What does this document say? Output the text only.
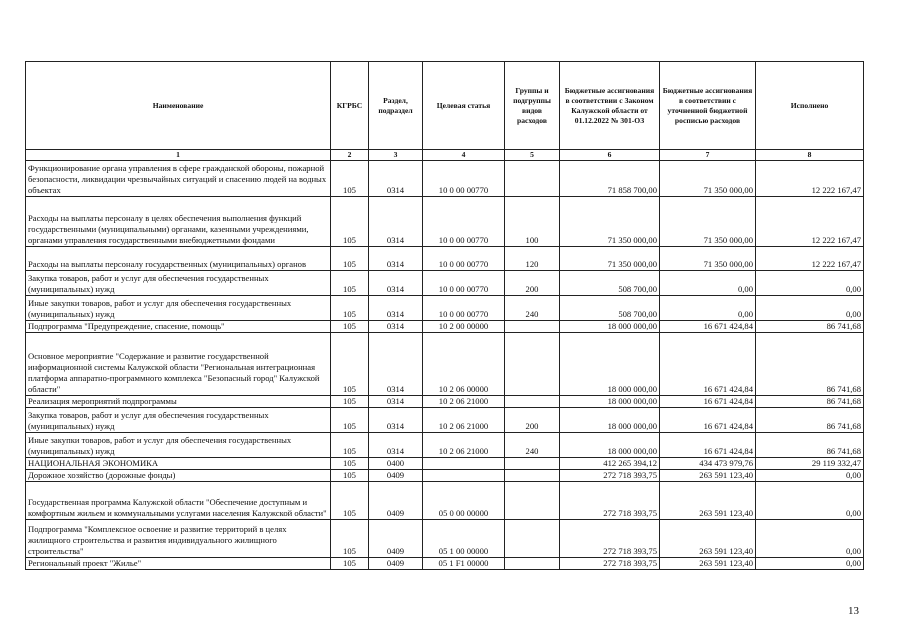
Наименование	КГРБС	Раздел, подраздел	Целевая статья	Группы и подгруппы видов расходов	Бюджетные ассигнования в соответствии с Законом Калужской области от 01.12.2022 № 301-ОЗ	Бюджетные ассигнования в соответствии с уточненной бюджетной росписью расходов	Исполнено
1	2	3	4	5	6	7	8
Функционирование органа управления в сфере гражданской обороны, пожарной безопасности, ликвидации чрезвычайных ситуаций и спасению людей на водных объектах	105	0314	10 0 00 00770		71 858 700,00	71 350 000,00	12 222 167,47
Расходы на выплаты персоналу в целях обеспечения выполнения функций государственными (муниципальными) органами, казенными учреждениями, органами управления государственными внебюджетными фондами	105	0314	10 0 00 00770	100	71 350 000,00	71 350 000,00	12 222 167,47
Расходы на выплаты персоналу государственных (муниципальных) органов	105	0314	10 0 00 00770	120	71 350 000,00	71 350 000,00	12 222 167,47
Закупка товаров, работ и услуг для обеспечения государственных (муниципальных) нужд	105	0314	10 0 00 00770	200	508 700,00	0,00	0,00
Иные закупки товаров, работ и услуг для обеспечения государственных (муниципальных) нужд	105	0314	10 0 00 00770	240	508 700,00	0,00	0,00
Подпрограмма "Предупреждение, спасение, помощь"	105	0314	10 2 00 00000		18 000 000,00	16 671 424,84	86 741,68
Основное мероприятие "Содержание и развитие государственной информационной системы Калужской области "Региональная интеграционная платформа аппаратно-программного комплекса "Безопасный город" Калужской области"	105	0314	10 2 06 00000		18 000 000,00	16 671 424,84	86 741,68
Реализация мероприятий подпрограммы	105	0314	10 2 06 21000		18 000 000,00	16 671 424,84	86 741,68
Закупка товаров, работ и услуг для обеспечения государственных (муниципальных) нужд	105	0314	10 2 06 21000	200	18 000 000,00	16 671 424,84	86 741,68
Иные закупки товаров, работ и услуг для обеспечения государственных (муниципальных) нужд	105	0314	10 2 06 21000	240	18 000 000,00	16 671 424,84	86 741,68
НАЦИОНАЛЬНАЯ ЭКОНОМИКА	105	0400			412 265 394,12	434 473 979,76	29 119 332,47
Дорожное хозяйство (дорожные фонды)	105	0409			272 718 393,75	263 591 123,40	0,00
Государственная программа Калужской области "Обеспечение доступным и комфортным жильем и коммунальными услугами населения Калужской области"	105	0409	05 0 00 00000		272 718 393,75	263 591 123,40	0,00
Подпрограмма "Комплексное освоение и развитие территорий в целях жилищного строительства и развития индивидуального жилищного строительства"	105	0409	05 1 00 00000		272 718 393,75	263 591 123,40	0,00
Региональный проект "Жилье"	105	0409	05 1 F1 00000		272 718 393,75	263 591 123,40	0,00
13
